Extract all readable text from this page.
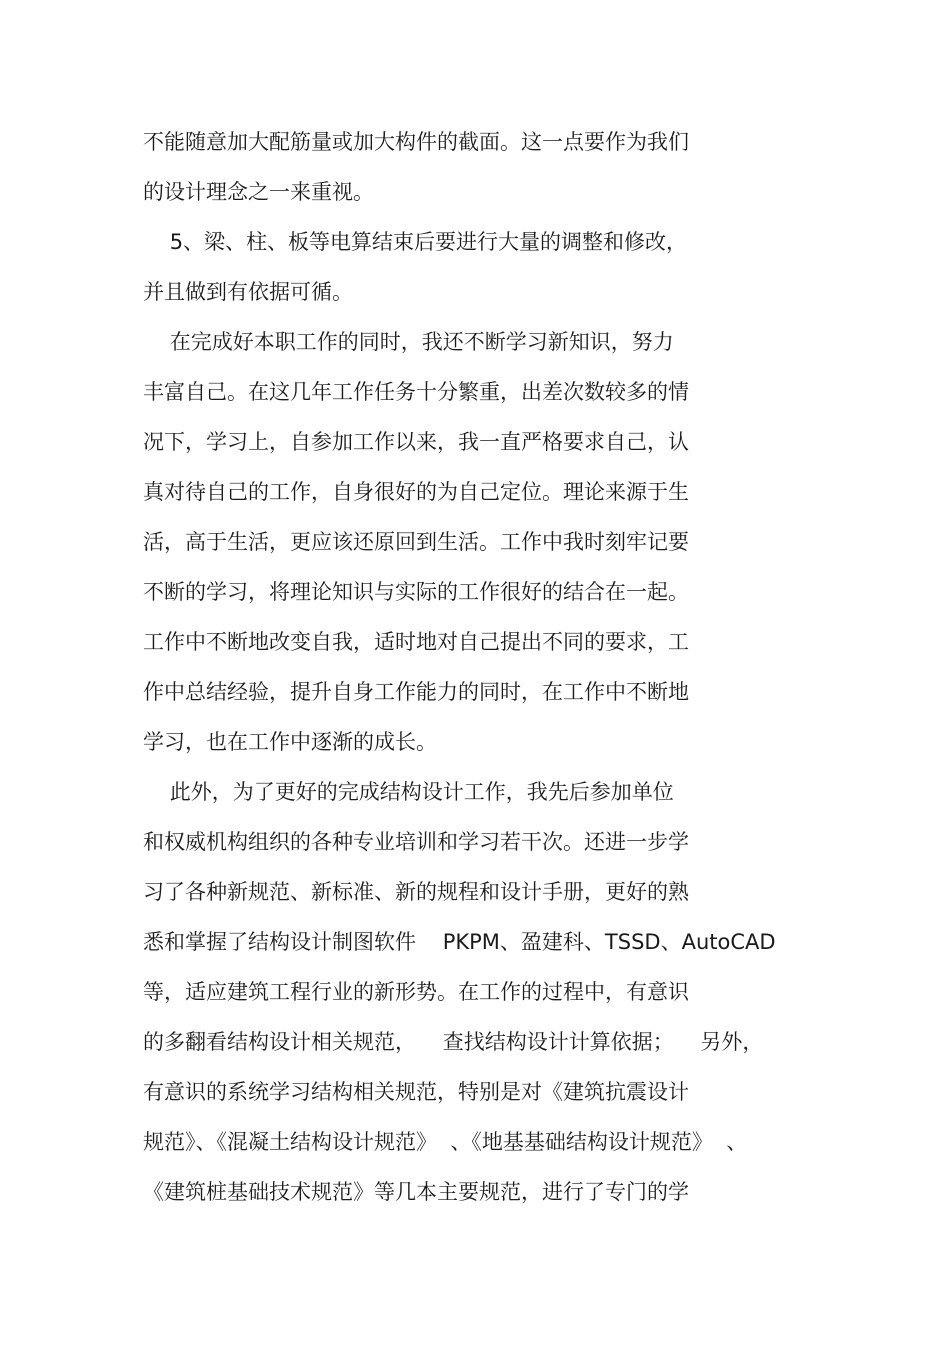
不能随意加大配筋量或加大构件的截面。这一点要作为我们
的设计理念之一来重视。
5、梁、柱、板等电算结束后要进行大量的调整和修改，
并且做到有依据可循。
在完成好本职工作的同时，我还不断学习新知识，努力
丰富自己。在这几年工作任务十分繁重，出差次数较多的情
况下，学习上，自参加工作以来，我一直严格要求自己，认
真对待自己的工作，自身很好的为自己定位。理论来源于生
活，高于生活，更应该还原回到生活。工作中我时刻牢记要
不断的学习，将理论知识与实际的工作很好的结合在一起。
工作中不断地改变自我，适时地对自己提出不同的要求，工
作中总结经验，提升自身工作能力的同时，在工作中不断地
学习，也在工作中逐渐的成长。
此外，为了更好的完成结构设计工作，我先后参加单位
和权威机构组织的各种专业培训和学习若干次。还进一步学
习了各种新规范、新标准、新的规程和设计手册，更好的熟
悉和掌握了结构设计制图软件    PKPM、盈建科、TSSD、AutoCAD
等，适应建筑工程行业的新形势。在工作的过程中，有意识
的多翻看结构设计相关规范，    查找结构设计计算依据；    另外，
有意识的系统学习结构相关规范，特别是对《建筑抗震设计
规范》、《混凝土结构设计规范》  、《地基基础结构设计规范》  、
《建筑桩基础技术规范》等几本主要规范，进行了专门的学
